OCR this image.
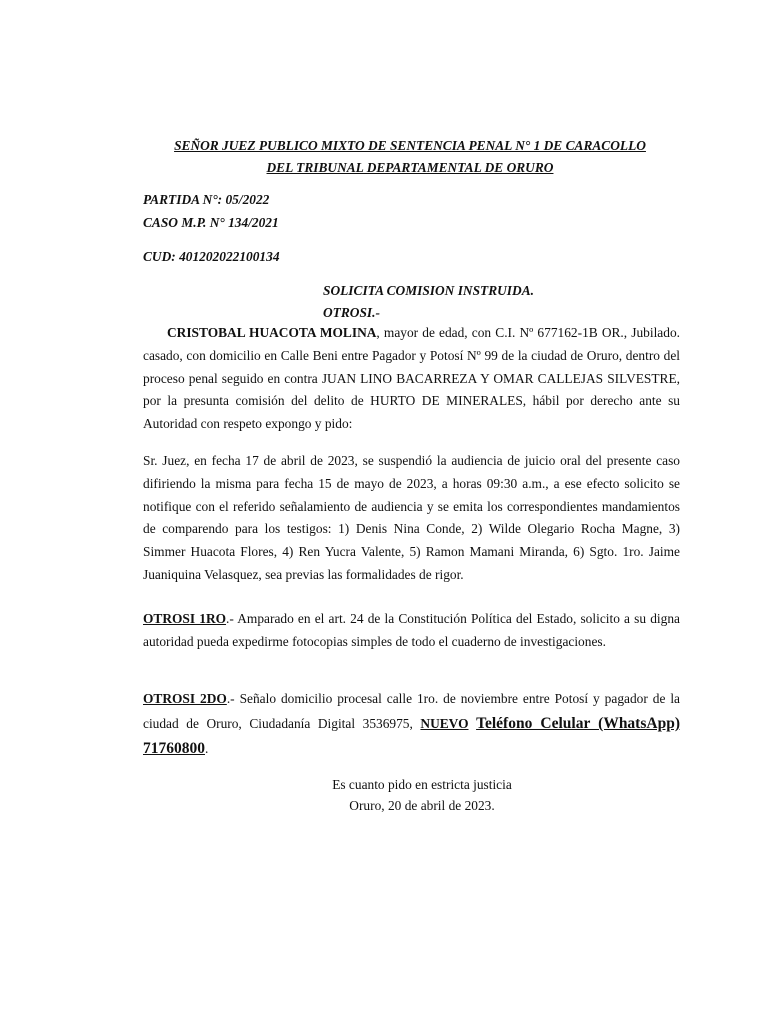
SEÑOR JUEZ PUBLICO MIXTO DE SENTENCIA PENAL N° 1 DE CARACOLLO
DEL TRIBUNAL DEPARTAMENTAL DE ORURO
PARTIDA N°: 05/2022
CASO M.P. N° 134/2021
CUD: 401202022100134
SOLICITA COMISION INSTRUIDA.
OTROSI.-
CRISTOBAL HUACOTA MOLINA, mayor de edad, con C.I. Nº 677162-1B OR., Jubilado. casado, con domicilio en Calle Beni entre Pagador y Potosí Nº 99 de la ciudad de Oruro, dentro del proceso penal seguido en contra JUAN LINO BACARREZA Y OMAR CALLEJAS SILVESTRE, por la presunta comisión del delito de HURTO DE MINERALES, hábil por derecho ante su Autoridad con respeto expongo y pido:
Sr. Juez, en fecha 17 de abril de 2023, se suspendió la audiencia de juicio oral del presente caso difiriendo la misma para fecha 15 de mayo de 2023, a horas 09:30 a.m., a ese efecto solicito se notifique con el referido señalamiento de audiencia y se emita los correspondientes mandamientos de comparendo para los testigos: 1) Denis Nina Conde, 2) Wilde Olegario Rocha Magne, 3) Simmer Huacota Flores, 4) Ren Yucra Valente, 5) Ramon Mamani Miranda, 6) Sgto. 1ro. Jaime Juaniquina Velasquez, sea previas las formalidades de rigor.
OTROSI 1RO.- Amparado en el art. 24 de la Constitución Política del Estado, solicito a su digna autoridad pueda expedirme fotocopias simples de todo el cuaderno de investigaciones.
OTROSI 2DO.- Señalo domicilio procesal calle 1ro. de noviembre entre Potosí y pagador de la ciudad de Oruro, Ciudadanía Digital 3536975, NUEVO Teléfono Celular (WhatsApp) 71760800.
Es cuanto pido en estricta justicia
Oruro, 20 de abril de 2023.
